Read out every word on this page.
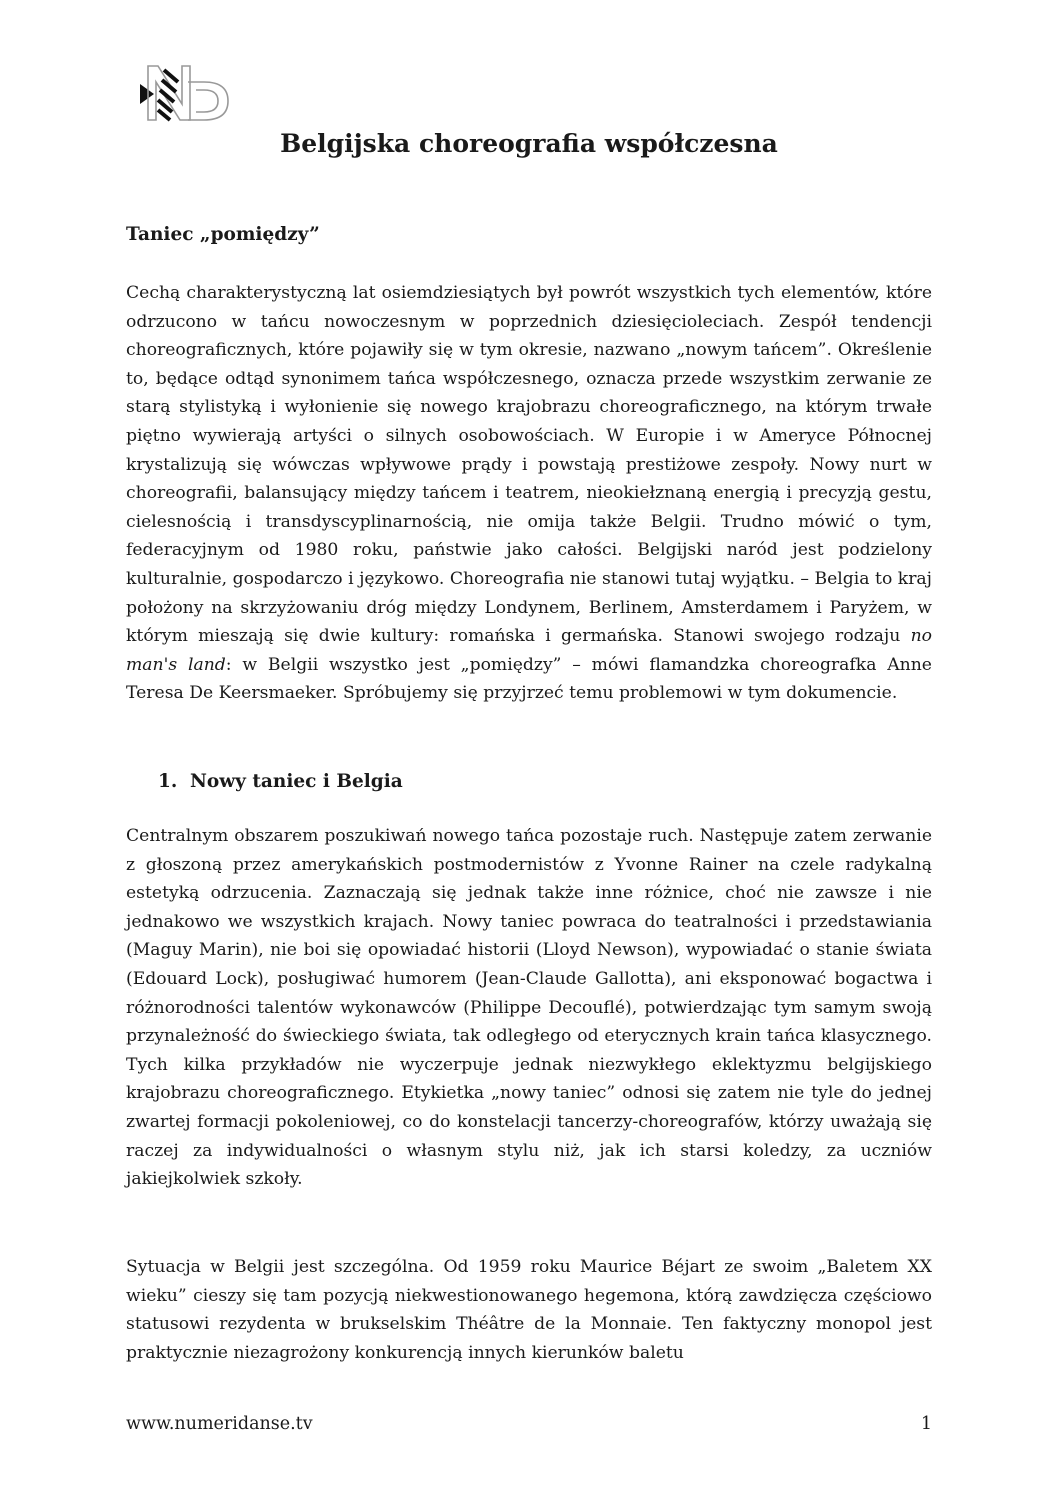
Belgijska choreografia współczesna
Taniec „pomiędzy”

Cechą charakterystyczną lat osiemdziesiątych był powrót wszystkich tych elementów, które odrzucono w tańcu nowoczesnym w poprzednich dziesięcioleciach. Zespół tendencji choreograficznych, które pojawiły się w tym okresie, nazwano „nowym tańcem”. Określenie to, będące odtąd synonimem tańca współczesnego, oznacza przede wszystkim zerwanie ze starą stylistyką i wyłonienie się nowego krajobrazu choreograficznego, na którym trwałe piętno wywierają artyści o silnych osobowościach. W Europie i w Ameryce Północnej krystalizują się wówczas wpływowe prądy i powstają prestiżowe zespoły. Nowy nurt w choreografii, balansujący między tańcem i teatrem, nieokiełznaną energią i precyzją gestu, cielesnością i transdyscyplinarnością, nie omija także Belgii. Trudno mówić o tym, federacyjnym od 1980 roku, państwie jako całości. Belgijski naród jest podzielony kulturalnie, gospodarczo i językowo. Choreografia nie stanowi tutaj wyjątku. – Belgia to kraj położony na skrzyżowaniu dróg między Londynem, Berlinem, Amsterdamem i Paryżem, w którym mieszają się dwie kultury: romańska i germańska. Stanowi swojego rodzaju no man's land: w Belgii wszystko jest „pomiędzy” – mówi flamandzka choreografka Anne Teresa De Keersmaeker. Spróbujemy się przyjrzeć temu problemowi w tym dokumencie.

1. Nowy taniec i Belgia

Centralnym obszarem poszukiwań nowego tańca pozostaje ruch. Następuje zatem zerwanie z głoszoną przez amerykańskich postmodernistów z Yvonne Rainer na czele radykalną estetyką odrzucenia. Zaznaczają się jednak także inne różnice, choć nie zawsze i nie jednakowo we wszystkich krajach. Nowy taniec powraca do teatralności i przedstawiania (Maguy Marin), nie boi się opowiadać historii (Lloyd Newson), wypowiadać o stanie świata (Edouard Lock), posługiwać humorem (Jean-Claude Gallotta), ani eksponować bogactwa i różnorodności talentów wykonawców (Philippe Decouflé), potwierdzając tym samym swoją przynależność do świeckiego świata, tak odległego od eterycznych krain tańca klasycznego. Tych kilka przykładów nie wyczerpuje jednak niezwykłego eklektyzmu belgijskiego krajobrazu choreograficznego. Etykietka „nowy taniec” odnosi się zatem nie tyle do jednej zwartej formacji pokoleniowej, co do konstelacji tancerzy-choreografów, którzy uważają się raczej za indywidualności o własnym stylu niż, jak ich starsi koledzy, za uczniów jakiejkolwiek szkoły.

Sytuacja w Belgii jest szczególna. Od 1959 roku Maurice Béjart ze swoim „Baletem XX wieku” cieszy się tam pozycją niekwestionowanego hegemona, którą zawdzięcza częściowo statusowi rezydenta w brukselskim Théâtre de la Monnaie. Ten faktyczny monopol jest praktycznie niezagrożony konkurencją innych kierunków baletu

www.numeridanse.tv	1
